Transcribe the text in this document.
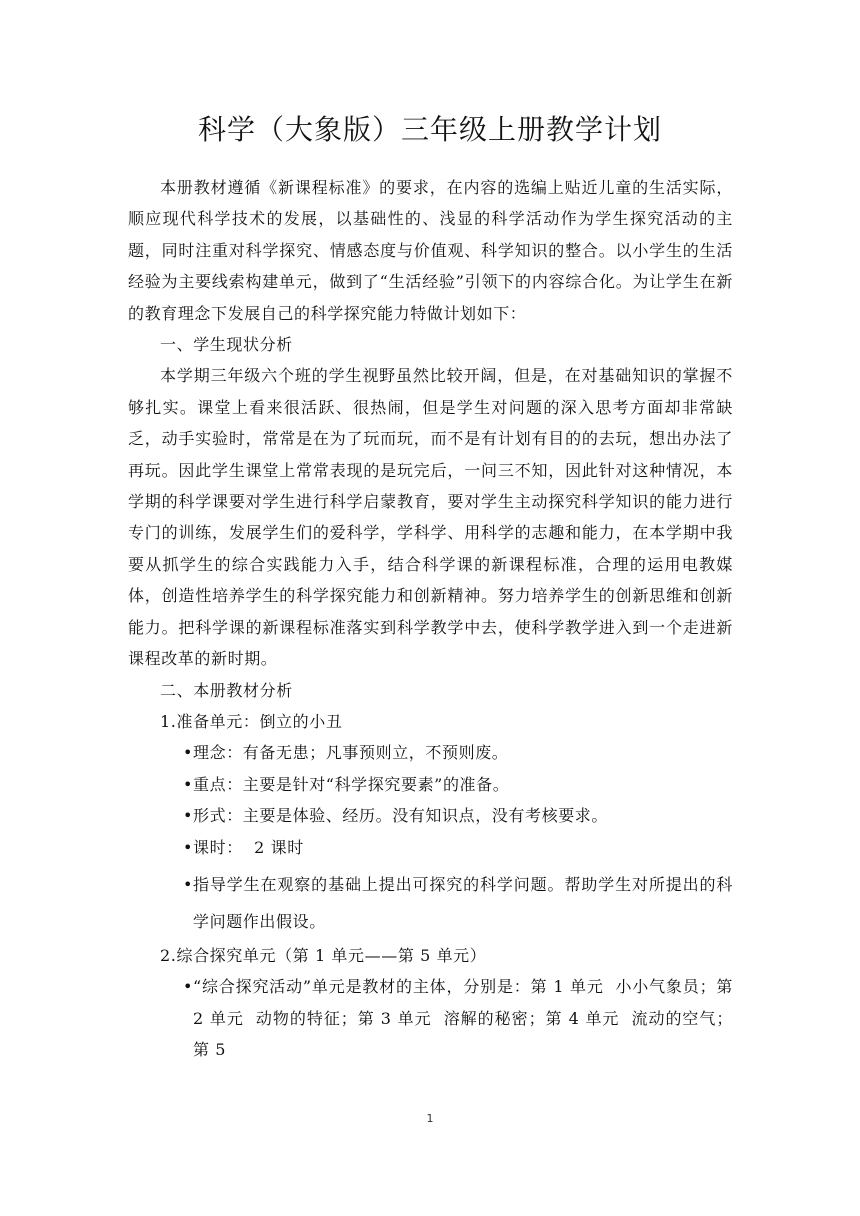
科学（大象版）三年级上册教学计划

本册教材遵循《新课程标准》的要求，在内容的选编上贴近儿童的生活实际，顺应现代科学技术的发展，以基础性的、浅显的科学活动作为学生探究活动的主题，同时注重对科学探究、情感态度与价值观、科学知识的整合。以小学生的生活经验为主要线索构建单元，做到了“生活经验”引领下的内容综合化。为让学生在新的教育理念下发展自己的科学探究能力特做计划如下：

一、学生现状分析

本学期三年级六个班的学生视野虽然比较开阔，但是，在对基础知识的掌握不够扎实。课堂上看来很活跃、很热闹，但是学生对问题的深入思考方面却非常缺乏，动手实验时，常常是在为了玩而玩，而不是有计划有目的的去玩，想出办法了再玩。因此学生课堂上常常表现的是玩完后，一问三不知，因此针对这种情况，本学期的科学课要对学生进行科学启蒙教育，要对学生主动探究科学知识的能力进行专门的训练，发展学生们的爱科学，学科学、用科学的志趣和能力，在本学期中我要从抓学生的综合实践能力入手，结合科学课的新课程标准，合理的运用电教媒体，创造性培养学生的科学探究能力和创新精神。努力培养学生的创新思维和创新能力。把科学课的新课程标准落实到科学教学中去，使科学教学进入到一个走进新课程改革的新时期。

二、本册教材分析

1.准备单元：倒立的小丑

• 理念：有备无患；凡事预则立，不预则废。
• 重点：主要是针对“科学探究要素”的准备。
• 形式：主要是体验、经历。没有知识点，没有考核要求。
• 课时：  2 课时
• 指导学生在观察的基础上提出可探究的科学问题。帮助学生对所提出的科学问题作出假设。

2.综合探究单元（第 1 单元——第 5 单元）

• “综合探究活动”单元是教材的主体，分别是：第 1 单元  小小气象员；第 2 单元  动物的特征；第 3 单元  溶解的秘密；第 4 单元  流动的空气；第 5
1
